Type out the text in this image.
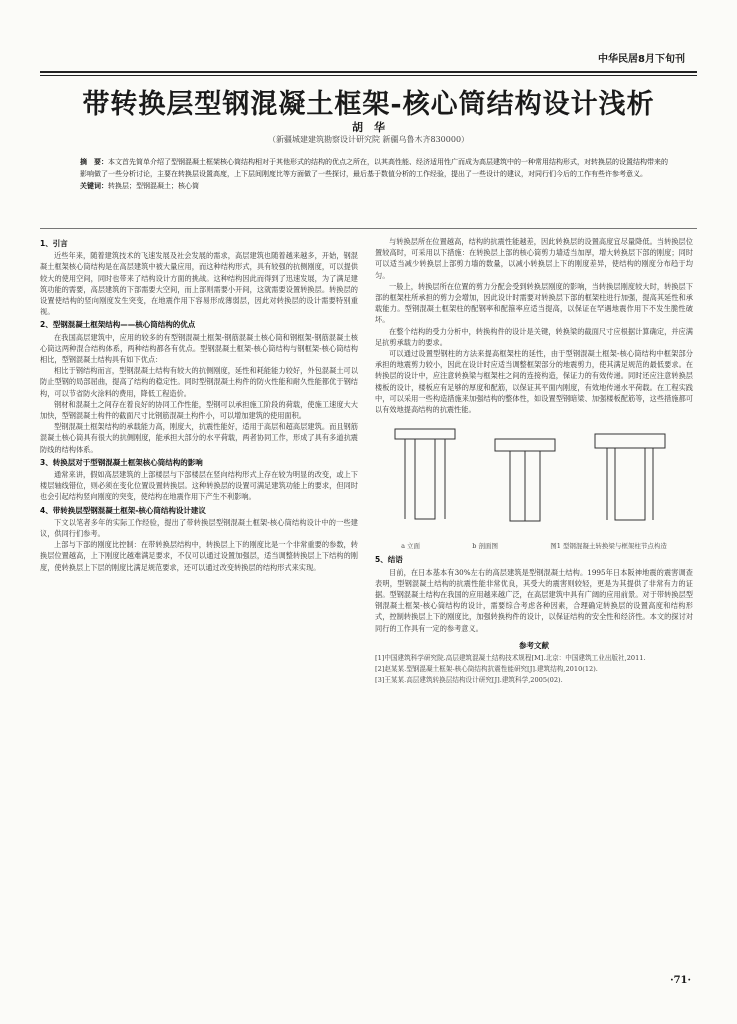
中华民居8月下旬刊
带转换层型钢混凝土框架-核心筒结构设计浅析
胡　华
（新疆城建建筑勘察设计研究院 新疆乌鲁木齐830000）
摘　要：本文首先简单介绍了型钢混凝土框架核心筒结构相对于其他形式的结构的优点之所在，以其高性能、经济适用性广而成为高层建筑中的一种常用结构形式，对转换层的设置结构带来的影响做了一些分析讨论，主要在转换层设置高度，上下层间刚度比等方面做了一些探讨，最后基于数值分析的工作经验，提出了一些设计的建议，对同行们今后的工作有些许参考意义。
关键词：转换层；型钢混凝土；核心筒
1、引言

近些年来，随着建筑技术的飞速发展及社会发展的需求，高层建筑也随着越来越多，开始，钢混凝土框架核心筒结构是在高层建筑中被大量应用，而这种结构形式，具有较强的抗侧刚度，可以提供较大的使用空间，同时也带来了结构设计方面的挑战。这种结构因此而得到了迅速发展，为了满足建筑功能的需要，高层建筑的下部需要大空间，而上部则需要小开间，这就需要设置转换层。转换层的设置使结构的竖向刚度发生突变，在地震作用下容易形成薄弱层，因此对转换层的设计需要特别重视。

2、型钢混凝土框架结构——核心筒结构的优点

在我国高层建筑中，应用的较多的有型钢混凝土框架-钢筋混凝土核心筒和钢框架-钢筋混凝土核心筒这两种混合结构体系，两种结构都各有优点。型钢混凝土框架-核心筒结构与钢框架-核心筒结构相比，型钢混凝土结构具有如下优点：

相比于钢结构而言，型钢混凝土结构有较大的抗侧刚度，延性和耗能能力较好，外包混凝土可以防止型钢的局部屈曲，提高了结构的稳定性。同时型钢混凝土构件的防火性能和耐久性能都优于钢结构，可以节省防火涂料的费用，降低工程造价。

钢材和混凝土之间存在着良好的协同工作性能，型钢可以承担施工阶段的荷载，使施工速度大大加快，型钢混凝土构件的截面尺寸比钢筋混凝土构件小，可以增加建筑的使用面积。

型钢混凝土框架结构的承载能力高，刚度大，抗震性能好，适用于高层和超高层建筑。而且钢筋混凝土核心筒具有很大的抗侧刚度，能承担大部分的水平荷载，两者协同工作，形成了具有多道抗震防线的结构体系。

3、转换层对于型钢混凝土框架核心筒结构的影响

通常来讲，假如高层建筑的上部楼层与下部楼层在竖向结构形式上存在较为明显的改变，或上下楼层轴线错位，则必须在变化位置设置转换层。这种转换层的设置可满足建筑功能上的要求，但同时也会引起结构竖向刚度的突变，使结构在地震作用下产生不利影响。

4、带转换层型钢混凝土框架-核心筒结构设计建议

下文以笔者多年的实际工作经验，提出了带转换层型钢混凝土框架-核心筒结构设计中的一些建议，供同行们参考。

上部与下部的刚度比控制：在带转换层结构中，转换层上下的刚度比是一个非常重要的参数，转换层位置越高，上下刚度比越难满足要求，不仅可以通过设置加强层，适当调整转换层上下结构的刚度，使转换层上下层的刚度比满足规范要求，还可以通过改变转换层的结构形式来实现。

与转换层所在位置越高，结构的抗震性能越差，因此转换层的设置高度宜尽量降低。当转换层位置较高时，可采用以下措施：在转换层上部的核心筒剪力墙适当加厚，增大转换层下部的刚度；同时可以适当减少转换层上部剪力墙的数量，以减小转换层上下的刚度差异，使结构的刚度分布趋于均匀。

一般上，转换层所在位置的剪力分配会受到转换层刚度的影响，当转换层刚度较大时，转换层下部的框架柱所承担的剪力会增加，因此设计时需要对转换层下部的框架柱进行加强，提高其延性和承载能力。型钢混凝土框架柱的配钢率和配箍率应适当提高，以保证在罕遇地震作用下不发生脆性破坏。

在整个结构的受力分析中，转换构件的设计是关键，转换梁的截面尺寸应根据计算确定，并应满足抗剪承载力的要求。

可以通过设置型钢柱的方法来提高框架柱的延性，由于型钢混凝土框架-核心筒结构中框架部分承担的地震剪力较小，因此在设计时应适当调整框架部分的地震剪力，使其满足规范的最低要求。在转换层的设计中，应注意转换梁与框架柱之间的连接构造，保证力的有效传递。同时还应注意转换层楼板的设计，楼板应有足够的厚度和配筋，以保证其平面内刚度，有效地传递水平荷载。在工程实践中，可以采用一些构造措施来加强结构的整体性，如设置型钢暗梁、加强楼板配筋等，这些措施都可以有效地提高结构的抗震性能。

a 立面	b 剖面图	图1 型钢混凝土转换梁与框架柱节点构造
5、结语

目前，在日本基本有30%左右的高层建筑是型钢混凝土结构。1995年日本阪神地震的震害调查表明，型钢混凝土结构的抗震性能非常优良，其受大的震害则较轻，更是为其提供了非常有力的证据。型钢混凝土结构在我国的应用越来越广泛，在高层建筑中具有广阔的应用前景。对于带转换层型钢混凝土框架-核心筒结构的设计，需要综合考虑各种因素，合理确定转换层的设置高度和结构形式，控制转换层上下的刚度比，加强转换构件的设计，以保证结构的安全性和经济性。本文的探讨对同行的工作具有一定的参考意义。

参考文献

[1]中国建筑科学研究院.高层建筑混凝土结构技术规程[M].北京：中国建筑工业出版社,2011.

[2]赵某某.型钢混凝土框架-核心筒结构抗震性能研究[J].建筑结构,2010(12).

[3]王某某.高层建筑转换层结构设计研究[J].建筑科学,2005(02).

·71·
